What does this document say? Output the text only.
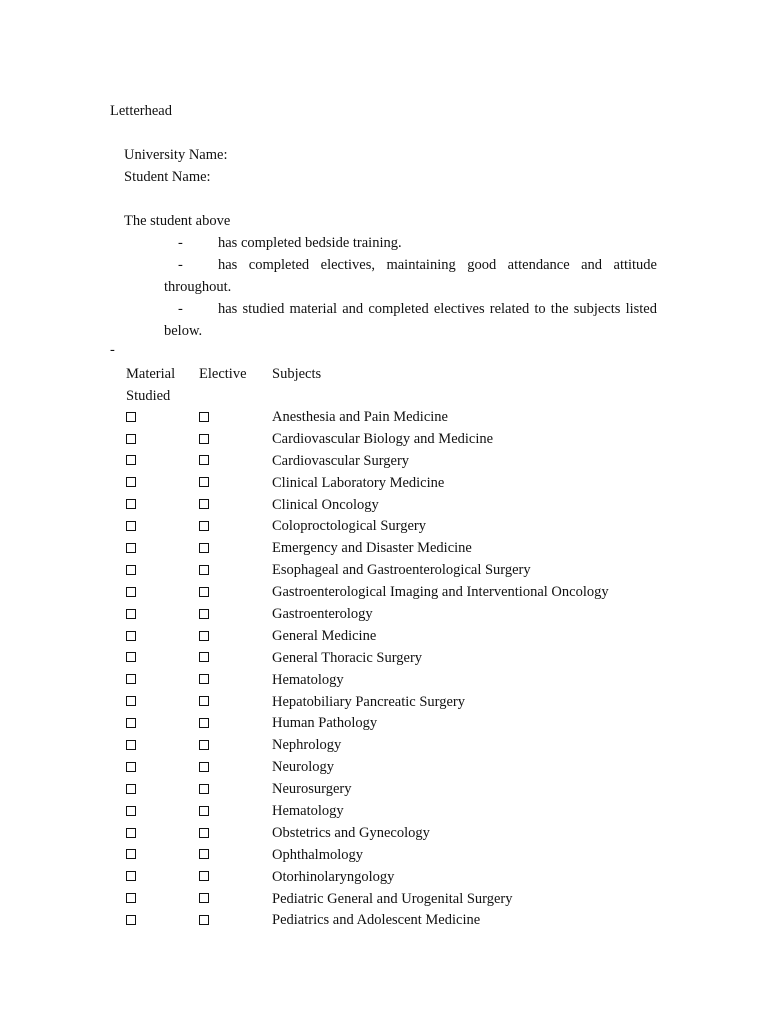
Letterhead
University Name:
Student Name:
The student above

- has completed bedside training.

- has completed electives, maintaining good attendance and attitude throughout.

- has studied material and completed electives related to the subjects listed below.

-
Material Studied
Elective Subjects
Anesthesia and Pain Medicine
Cardiovascular Biology and Medicine
Cardiovascular Surgery
Clinical Laboratory Medicine
Clinical Oncology
Coloproctological Surgery
Emergency and Disaster Medicine
Esophageal and Gastroenterological Surgery
Gastroenterological Imaging and Interventional Oncology
Gastroenterology
General Medicine
General Thoracic Surgery
Hematology
Hepatobiliary Pancreatic Surgery
Human Pathology
Nephrology
Neurology
Neurosurgery
Hematology
Obstetrics and Gynecology
Ophthalmology
Otorhinolaryngology
Pediatric General and Urogenital Surgery
Pediatrics and Adolescent Medicine
